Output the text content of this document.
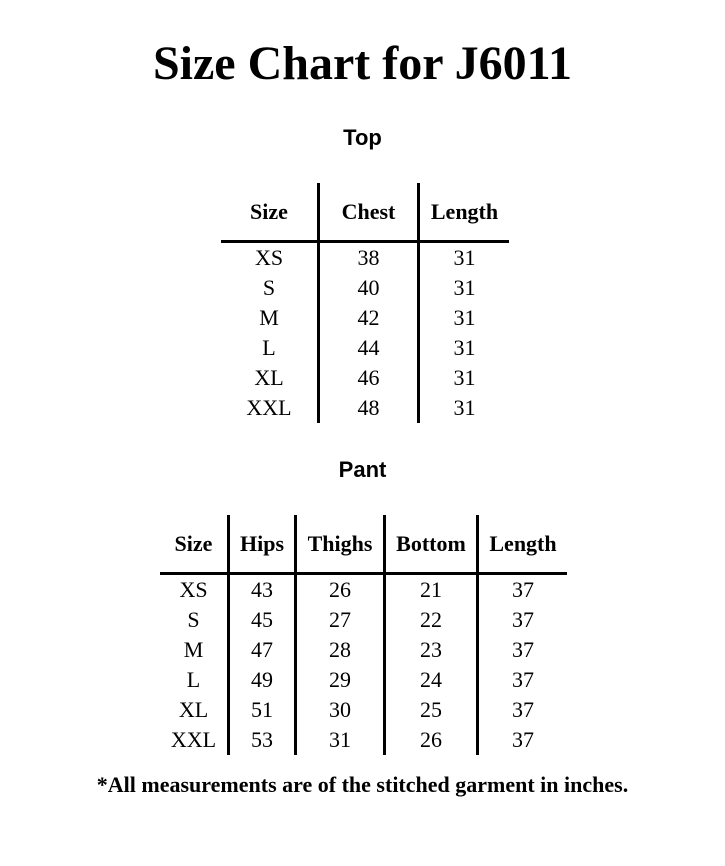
Size Chart for J6011
Top
Size	Chest	Length
XS	38	31
S	40	31
M	42	31
L	44	31
XL	46	31
XXL	48	31
Pant
Size	Hips	Thighs	Bottom	Length
XS	43	26	21	37
S	45	27	22	37
M	47	28	23	37
L	49	29	24	37
XL	51	30	25	37
XXL	53	31	26	37
*All measurements are of the stitched garment in inches.
